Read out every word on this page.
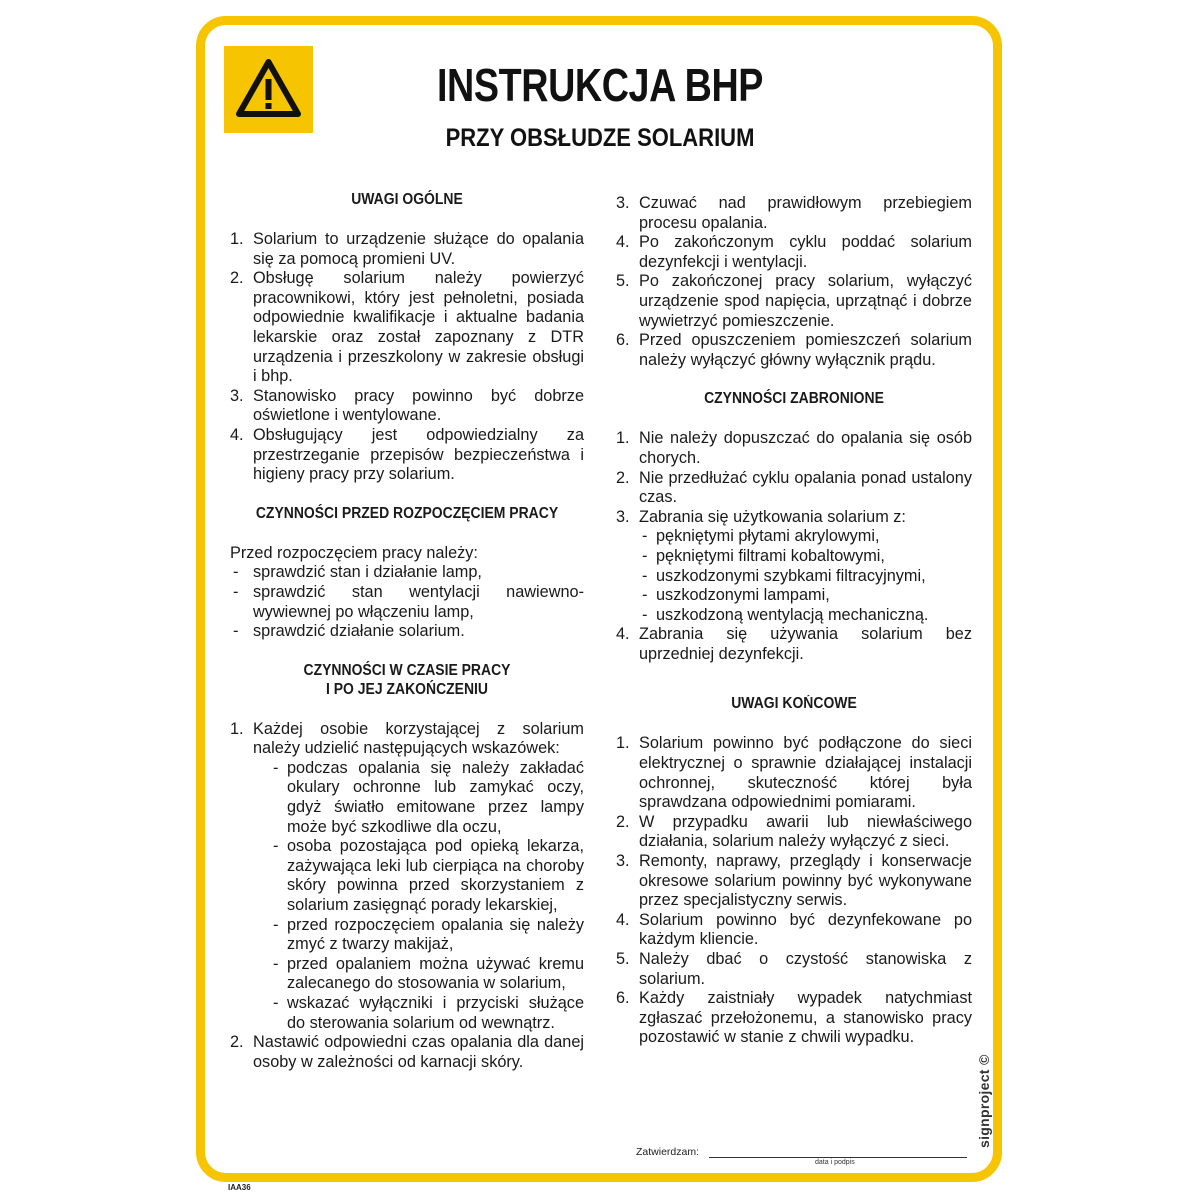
INSTRUKCJA BHP
PRZY OBSŁUDZE SOLARIUM
UWAGI OGÓLNE
1. Solarium to urządzenie służące do opalania się za pomocą promieni UV.
2. Obsługę solarium należy powierzyć pracownikowi, który jest pełnoletni, posiada odpowiednie kwalifikacje i aktualne badania lekarskie oraz został zapoznany z DTR urządzenia i przeszkolony w zakresie obsługi i bhp.
3. Stanowisko pracy powinno być dobrze oświetlone i wentylowane.
4. Obsługujący jest odpowiedzialny za przestrzeganie przepisów bezpieczeństwa i higieny pracy przy solarium.
CZYNNOŚCI PRZED ROZPOCZĘCIEM PRACY

Przed rozpoczęciem pracy należy:

- sprawdzić stan i działanie lamp,
- sprawdzić stan wentylacji nawiewno-wywiewnej po włączeniu lamp,
- sprawdzić działanie solarium.
CZYNNOŚCI W CZASIE PRACY
I PO JEJ ZAKOŃCZENIU
1. Każdej osobie korzystającej z solarium należy udzielić następujących wskazówek:
- podczas opalania się należy zakładać okulary ochronne lub zamykać oczy, gdyż światło emitowane przez lampy może być szkodliwe dla oczu,
- osoba pozostająca pod opieką lekarza, zażywająca leki lub cierpiąca na choroby skóry powinna przed skorzystaniem z solarium zasięgnąć porady lekarskiej,
- przed rozpoczęciem opalania się należy zmyć z twarzy makijaż,
- przed opalaniem można używać kremu zalecanego do stosowania w solarium,
- wskazać wyłączniki i przyciski służące do sterowania solarium od wewnątrz.
2. Nastawić odpowiedni czas opalania dla danej osoby w zależności od karnacji skóry.
3. Czuwać nad prawidłowym przebiegiem procesu opalania.
4. Po zakończonym cyklu poddać solarium dezynfekcji i wentylacji.
5. Po zakończonej pracy solarium, wyłączyć urządzenie spod napięcia, uprzątnąć i dobrze wywietrzyć pomieszczenie.
6. Przed opuszczeniem pomieszczeń solarium należy wyłączyć główny wyłącznik prądu.
CZYNNOŚCI ZABRONIONE
1. Nie należy dopuszczać do opalania się osób chorych.
2. Nie przedłużać cyklu opalania ponad ustalony czas.
3. Zabrania się użytkowania solarium z:
- pękniętymi płytami akrylowymi,
- pękniętymi filtrami kobaltowymi,
- uszkodzonymi szybkami filtracyjnymi,
- uszkodzonymi lampami,
- uszkodzoną wentylacją mechaniczną.
4. Zabrania się używania solarium bez uprzedniej dezynfekcji.
UWAGI KOŃCOWE
1. Solarium powinno być podłączone do sieci elektrycznej o sprawnie działającej instalacji ochronnej, skuteczność której była sprawdzana odpowiednimi pomiarami.
2. W przypadku awarii lub niewłaściwego działania, solarium należy wyłączyć z sieci.
3. Remonty, naprawy, przeglądy i konserwacje okresowe solarium powinny być wykonywane przez specjalistyczny serwis.
4. Solarium powinno być dezynfekowane po każdym kliencie.
5. Należy dbać o czystość stanowiska z solarium.
6. Każdy zaistniały wypadek natychmiast zgłaszać przełożonemu, a stanowisko pracy pozostawić w stanie z chwili wypadku.
Zatwierdzam:
data i podpis
signproject ©
IAA36
